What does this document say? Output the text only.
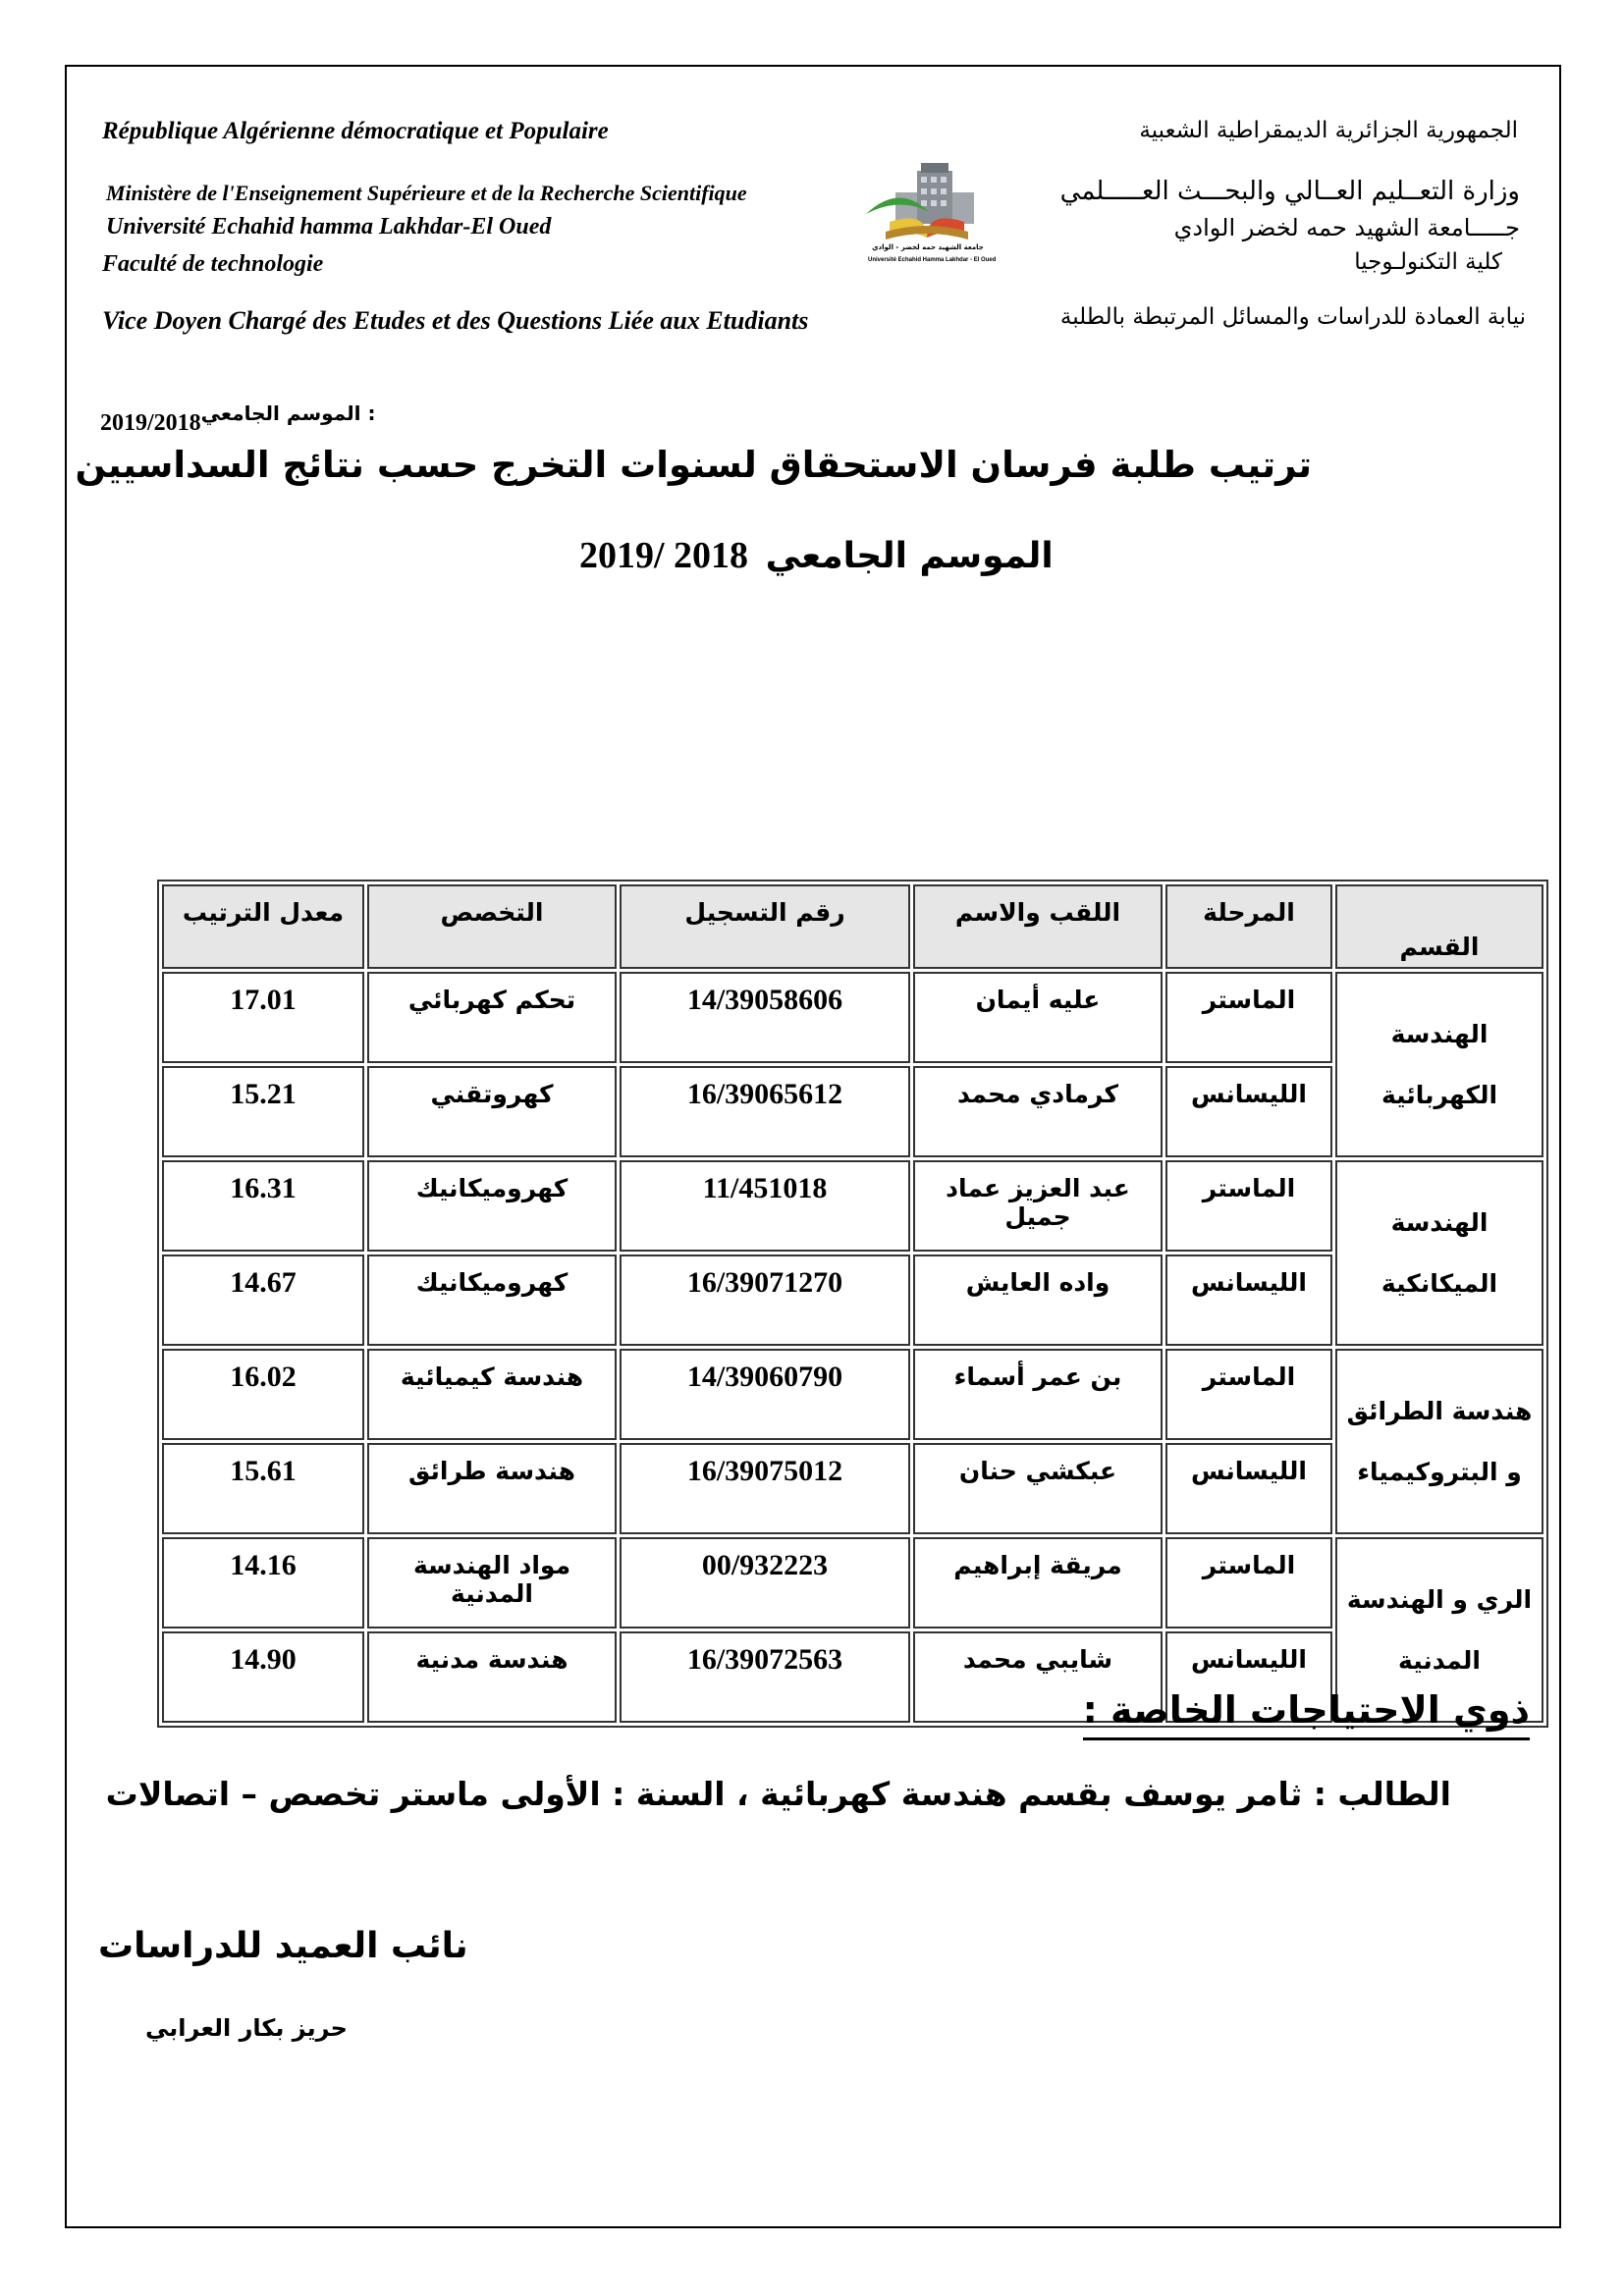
République Algérienne démocratique et Populaire
Ministère de l'Enseignement Supérieure et de la Recherche Scientifique
Université Echahid hamma Lakhdar-El Oued
Faculté de technologie
Vice Doyen Chargé des Etudes et des Questions Liée aux Etudiants
الجمهورية الجزائرية الديمقراطية الشعبية
وزارة التعــليم العــالي والبحـــث العـــــلمي
جـــــامعة الشهيد حمه لخضر الوادي
كلية التكنولـوجيا
نيابة العمادة للدراسات والمسائل المرتبطة بالطلبة
جامعة الشهيد حمه لخضر - الوادي
Université Echahid Hamma Lakhdar - El Oued
2019/2018الموسم الجامعي :
ترتيب طلبة فرسان الاستحقاق لسنوات التخرج حسب نتائج السداسيين
2019/ 2018 الموسم الجامعي
القسم	المرحلة	اللقب والاسم	رقم التسجيل	التخصص	معدل الترتيب
الهندسة الكهربائية	الماستر	عليه أيمان	14/39058606	تحكم كهربائي	17.01
	الليسانس	كرمادي محمد	16/39065612	كهروتقني	15.21
الهندسة الميكانكية	الماستر	عبد العزيز عماد جميل	11/451018	كهروميكانيك	16.31
	الليسانس	واده العايش	16/39071270	كهروميكانيك	14.67
هندسة الطرائق و البتروكيمياء	الماستر	بن عمر أسماء	14/39060790	هندسة كيميائية	16.02
	الليسانس	عبكشي حنان	16/39075012	هندسة طرائق	15.61
الري و الهندسة المدنية	الماستر	مريقة إبراهيم	00/932223	مواد الهندسة المدنية	14.16
	الليسانس	شايبي محمد	16/39072563	هندسة مدنية	14.90
ذوي الاحتياجات الخاصة :
الطالب : ثامر يوسف بقسم هندسة كهربائية ، السنة : الأولى ماستر تخصص – اتصالات
نائب العميد للدراسات
حريز بكار العرابي
